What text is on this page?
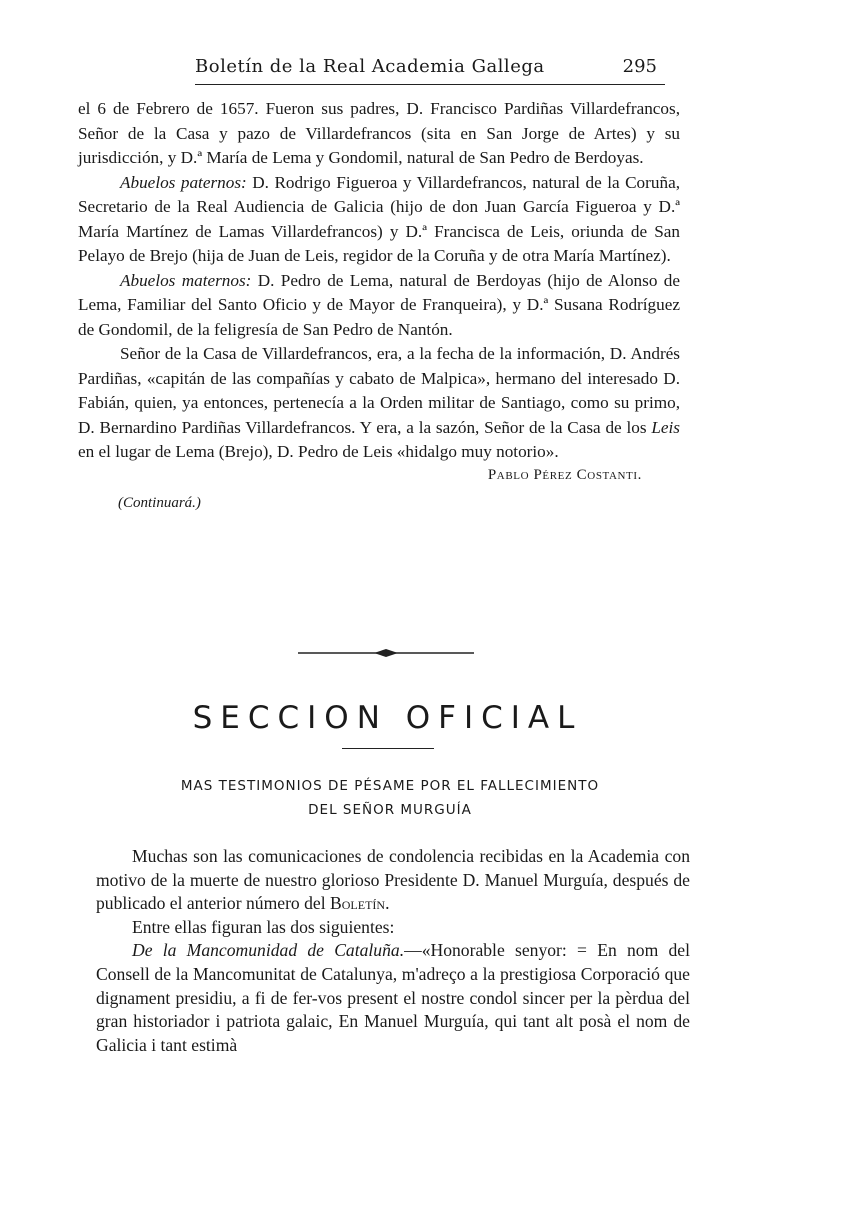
Boletín de la Real Academia Gallega	295

el 6 de Febrero de 1657. Fueron sus padres, D. Francisco Pardiñas Villardefrancos, Señor de la Casa y pazo de Villardefrancos (sita en San Jorge de Artes) y su jurisdicción, y D.ª María de Lema y Gondomil, natural de San Pedro de Berdoyas.

Abuelos paternos: D. Rodrigo Figueroa y Villardefrancos, natural de la Coruña, Secretario de la Real Audiencia de Galicia (hijo de don Juan García Figueroa y D.ª María Martínez de Lamas Villardefrancos) y D.ª Francisca de Leis, oriunda de San Pelayo de Brejo (hija de Juan de Leis, regidor de la Coruña y de otra María Martínez).

Abuelos maternos: D. Pedro de Lema, natural de Berdoyas (hijo de Alonso de Lema, Familiar del Santo Oficio y de Mayor de Franqueira), y D.ª Susana Rodríguez de Gondomil, de la feligresía de San Pedro de Nantón.

Señor de la Casa de Villardefrancos, era, a la fecha de la información, D. Andrés Pardiñas, «capitán de las compañías y cabato de Malpica», hermano del interesado D. Fabián, quien, ya entonces, pertenecía a la Orden militar de Santiago, como su primo, D. Bernardino Pardiñas Villardefrancos. Y era, a la sazón, Señor de la Casa de los Leis en el lugar de Lema (Brejo), D. Pedro de Leis «hidalgo muy notorio».

Pablo Pérez Costanti.

(Continuará.)

SECCION OFICIAL
MAS TESTIMONIOS DE PÉSAME POR EL FALLECIMIENTO
DEL SEÑOR MURGUÍA

Muchas son las comunicaciones de condolencia recibidas en la Academia con motivo de la muerte de nuestro glorioso Presidente D. Manuel Murguía, después de publicado el anterior número del Boletín.

Entre ellas figuran las dos siguientes:

De la Mancomunidad de Cataluña.—«Honorable senyor: = En nom del Consell de la Mancomunitat de Catalunya, m'adreço a la prestigiosa Corporació que dignament presidiu, a fi de fer-vos present el nostre condol sincer per la pèrdua del gran historiador i patriota galaic, En Manuel Murguía, qui tant alt posà el nom de Galicia i tant estimà
